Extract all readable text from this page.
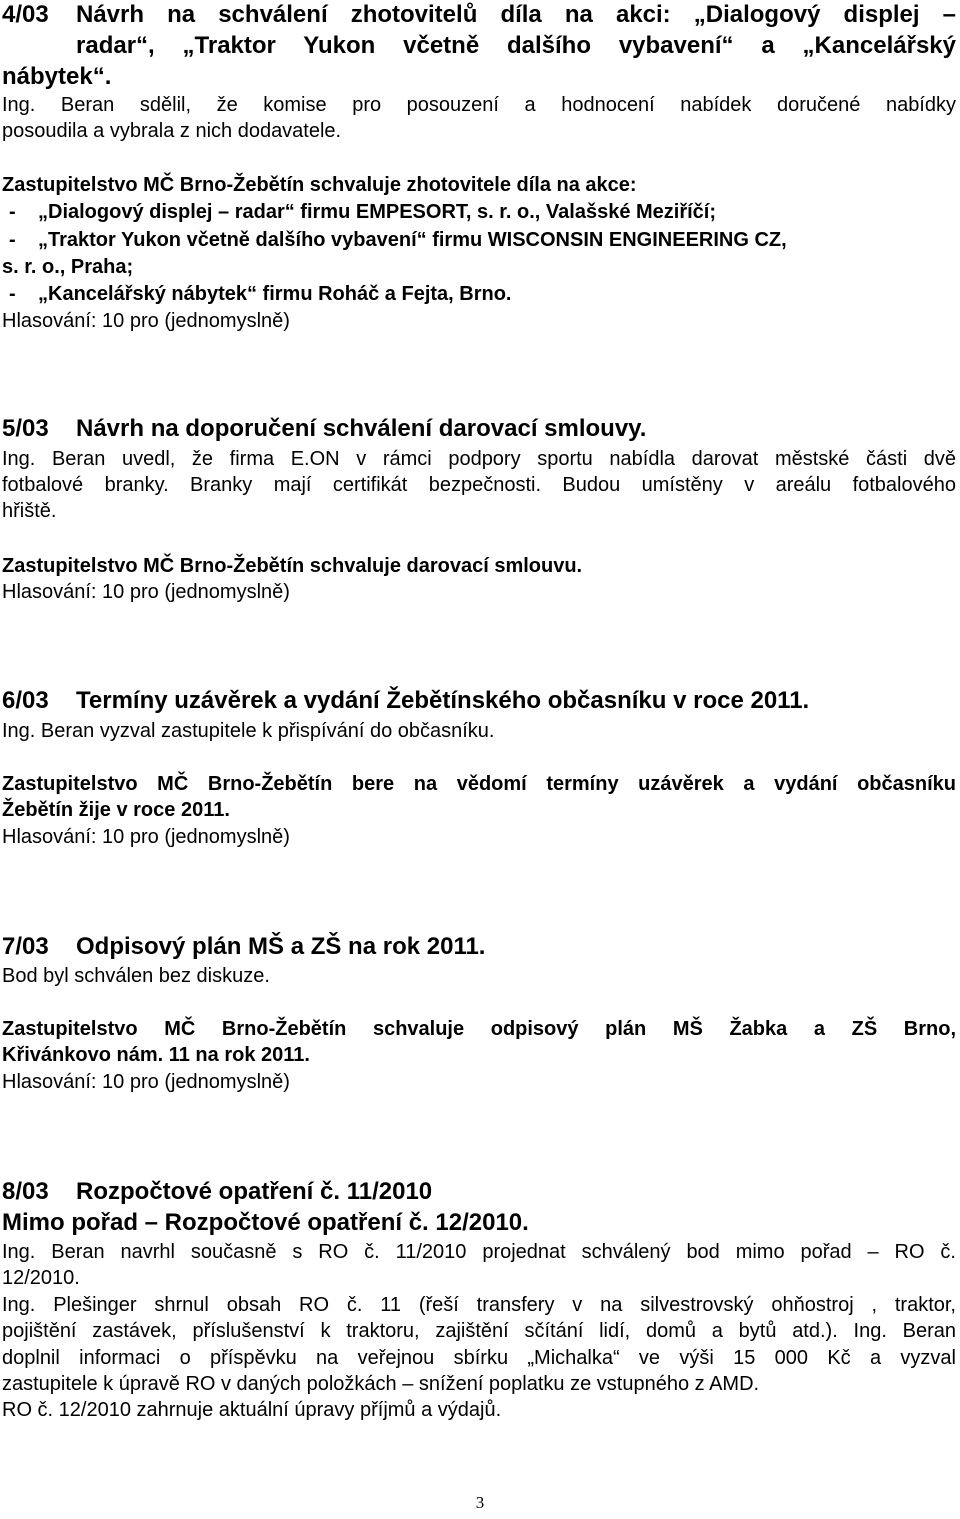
4/03 Návrh na schválení zhotovitelů díla na akci: „Dialogový displej –
radar“, „Traktor Yukon včetně dalšího vybavení“ a „Kancelářský
nábytek“.
Ing. Beran sdělil, že komise pro posouzení a hodnocení nabídek doručené nabídky
posoudila a vybrala z nich dodavatele.
Zastupitelstvo MČ Brno-Žebětín schvaluje zhotovitele díla na akce:
- „Dialogový displej – radar“ firmu EMPESORT, s. r. o., Valašské Meziříčí;
- „Traktor Yukon včetně dalšího vybavení“ firmu WISCONSIN ENGINEERING CZ,
s. r. o., Praha;
- „Kancelářský nábytek“ firmu Roháč a Fejta, Brno.
Hlasování: 10 pro (jednomyslně)
5/03 Návrh na doporučení schválení darovací smlouvy.
Ing. Beran uvedl, že firma E.ON v rámci podpory sportu nabídla darovat městské části dvě
fotbalové branky. Branky mají certifikát bezpečnosti. Budou umístěny v areálu fotbalového
hřiště.
Zastupitelstvo MČ Brno-Žebětín schvaluje darovací smlouvu.
Hlasování: 10 pro (jednomyslně)
6/03 Termíny uzávěrek a vydání Žebětínského občasníku v roce 2011.
Ing. Beran vyzval zastupitele k přispívání do občasníku.
Zastupitelstvo MČ Brno-Žebětín bere na vědomí termíny uzávěrek a vydání občasníku
Žebětín žije v roce 2011.
Hlasování: 10 pro (jednomyslně)
7/03 Odpisový plán MŠ a ZŠ na rok 2011.
Bod byl schválen bez diskuze.
Zastupitelstvo MČ Brno-Žebětín schvaluje odpisový plán MŠ Žabka a ZŠ Brno,
Křivánkovo nám. 11 na rok 2011.
Hlasování: 10 pro (jednomyslně)
8/03 Rozpočtové opatření č. 11/2010
Mimo pořad – Rozpočtové opatření č. 12/2010.
Ing. Beran navrhl současně s RO č. 11/2010 projednat schválený bod mimo pořad – RO č.
12/2010.
Ing. Plešinger shrnul obsah RO č. 11 (řeší transfery v na silvestrovský ohňostroj , traktor,
pojištění zastávek, příslušenství k traktoru, zajištění sčítání lidí, domů a bytů atd.). Ing. Beran
doplnil informaci o příspěvku na veřejnou sbírku „Michalka“ ve výši 15 000 Kč a vyzval
zastupitele k úpravě RO v daných položkách – snížení poplatku ze vstupného z AMD.
RO č. 12/2010 zahrnuje aktuální úpravy příjmů a výdajů.
3
